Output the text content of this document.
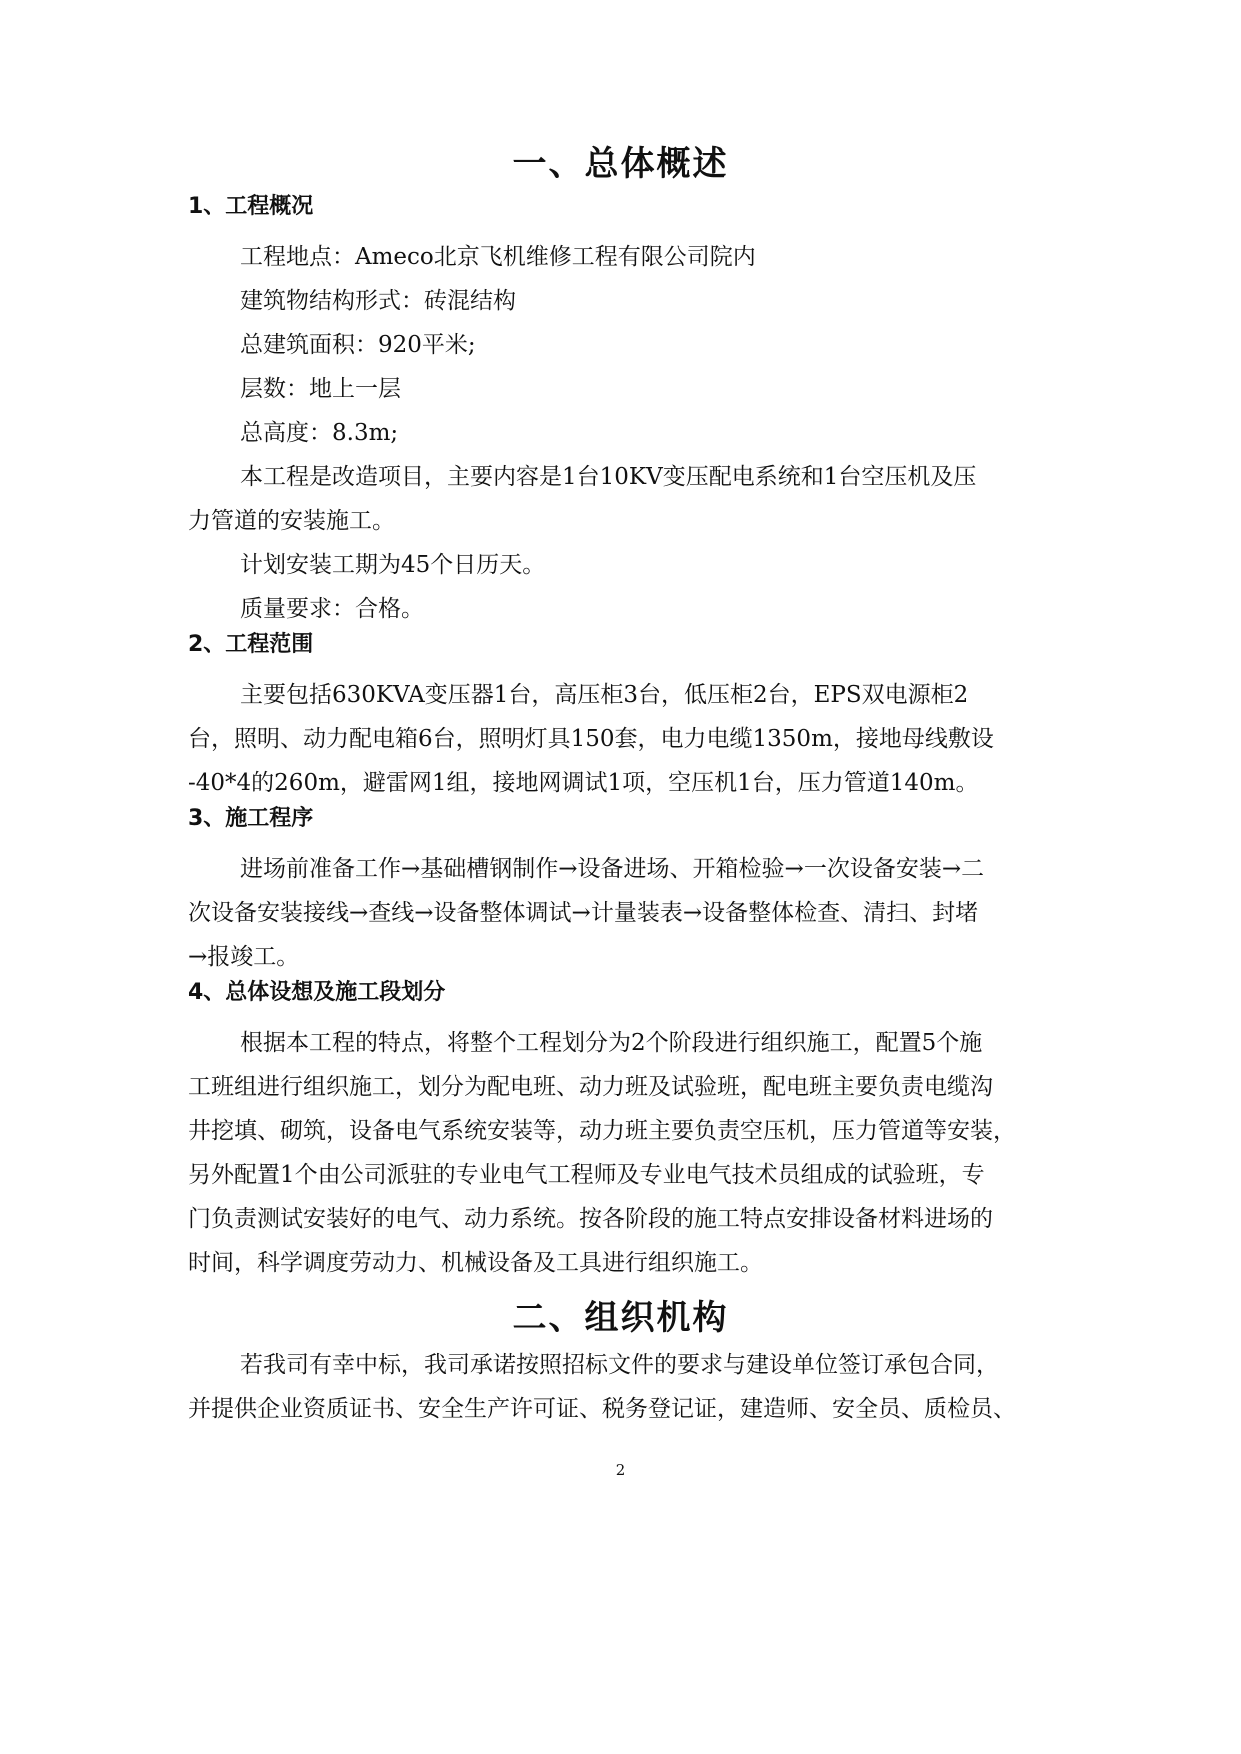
一、总体概述
1、工程概况
工程地点：Ameco北京飞机维修工程有限公司院内
建筑物结构形式：砖混结构
总建筑面积：920平米;
层数：地上一层
总高度：8.3m;
本工程是改造项目，主要内容是1台10KV变压配电系统和1台空压机及压
力管道的安装施工。
计划安装工期为45个日历天。
质量要求：合格。
2、工程范围
主要包括630KVA变压器1台，高压柜3台，低压柜2台，EPS双电源柜2
台，照明、动力配电箱6台，照明灯具150套，电力电缆1350m，接地母线敷设
-40*4的260m，避雷网1组，接地网调试1项，空压机1台，压力管道140m。
3、施工程序
进场前准备工作→基础槽钢制作→设备进场、开箱检验→一次设备安装→二
次设备安装接线→查线→设备整体调试→计量装表→设备整体检查、清扫、封堵
→报竣工。
4、总体设想及施工段划分
根据本工程的特点，将整个工程划分为2个阶段进行组织施工，配置5个施
工班组进行组织施工，划分为配电班、动力班及试验班，配电班主要负责电缆沟
井挖填、砌筑，设备电气系统安装等，动力班主要负责空压机，压力管道等安装，
另外配置1个由公司派驻的专业电气工程师及专业电气技术员组成的试验班，专
门负责测试安装好的电气、动力系统。按各阶段的施工特点安排设备材料进场的
时间，科学调度劳动力、机械设备及工具进行组织施工。
二、组织机构
若我司有幸中标，我司承诺按照招标文件的要求与建设单位签订承包合同，
并提供企业资质证书、安全生产许可证、税务登记证，建造师、安全员、质检员、
2
